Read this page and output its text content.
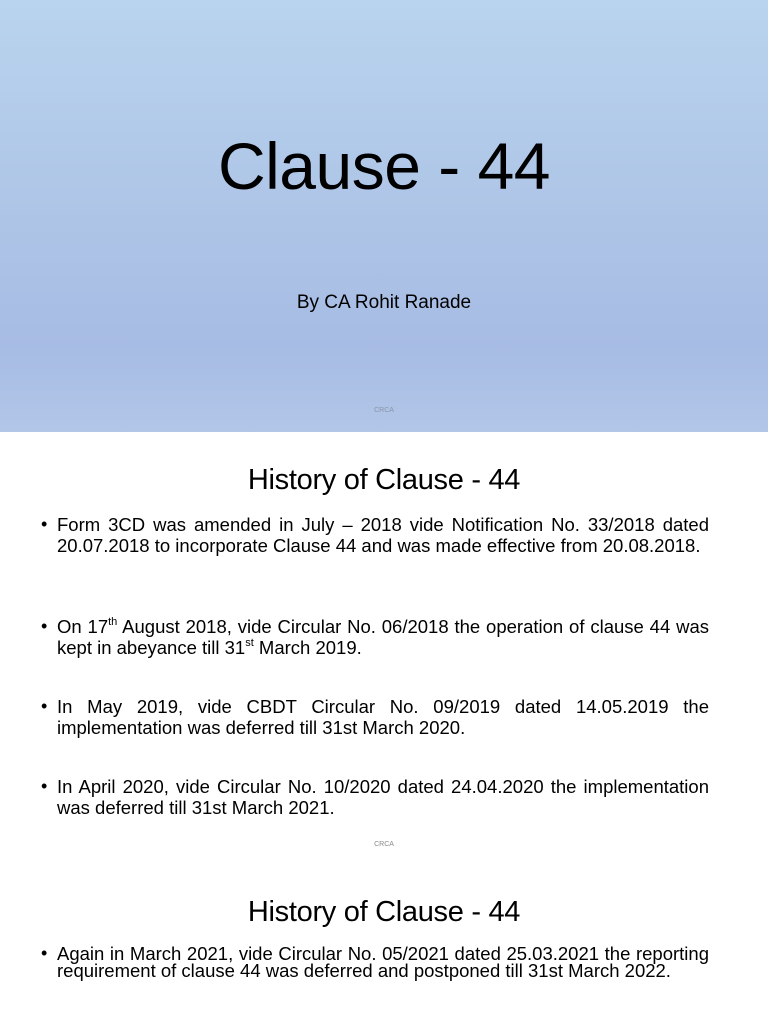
Clause - 44
By CA Rohit Ranade
CRCA
History of Clause - 44
• Form 3CD was amended in July – 2018 vide Notification No. 33/2018 dated 20.07.2018 to incorporate Clause 44 and was made effective from 20.08.2018.
• On 17th August 2018, vide Circular No. 06/2018 the operation of clause 44 was kept in abeyance till 31st March 2019.
• In May 2019, vide CBDT Circular No. 09/2019 dated 14.05.2019 the implementation was deferred till 31st March 2020.
• In April 2020, vide Circular No. 10/2020 dated 24.04.2020 the implementation was deferred till 31st March 2021.
CRCA
History of Clause - 44
• Again in March 2021, vide Circular No. 05/2021 dated 25.03.2021 the reporting requirement of clause 44 was deferred and postponed till 31st March 2022.
